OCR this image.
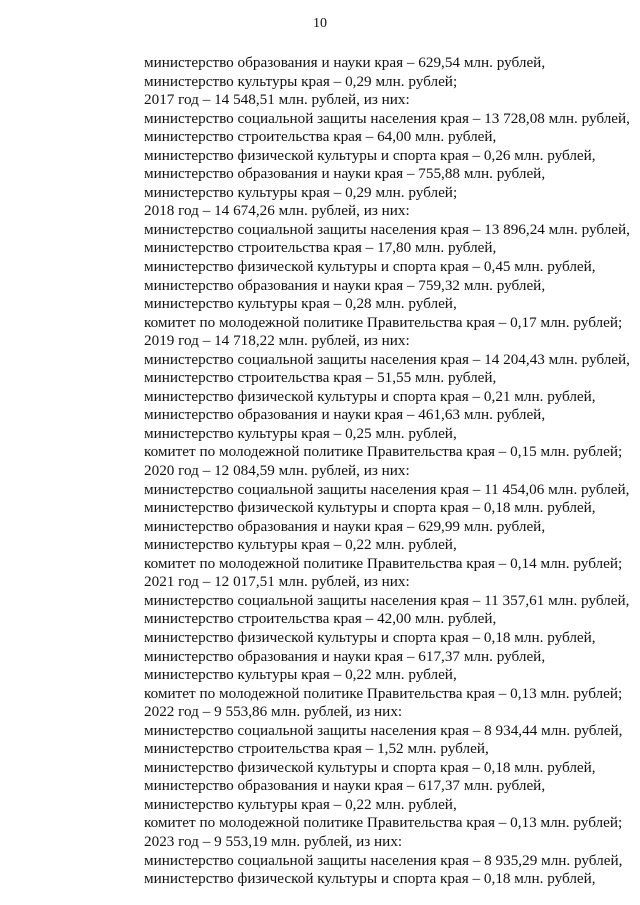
10
министерство образования и науки края – 629,54 млн. рублей,
министерство культуры края – 0,29 млн. рублей;
2017 год – 14 548,51 млн. рублей, из них:
министерство социальной защиты населения края – 13 728,08 млн. рублей,
министерство строительства края – 64,00 млн. рублей,
министерство физической культуры и спорта края – 0,26 млн. рублей,
министерство образования и науки края – 755,88 млн. рублей,
министерство культуры края – 0,29 млн. рублей;
2018 год – 14 674,26 млн. рублей, из них:
министерство социальной защиты населения края – 13 896,24 млн. рублей,
министерство строительства края – 17,80 млн. рублей,
министерство физической культуры и спорта края – 0,45 млн. рублей,
министерство образования и науки края – 759,32 млн. рублей,
министерство культуры края – 0,28 млн. рублей,
комитет по молодежной политике Правительства края – 0,17 млн. рублей;
2019 год – 14 718,22 млн. рублей, из них:
министерство социальной защиты населения края – 14 204,43 млн. рублей,
министерство строительства края – 51,55 млн. рублей,
министерство физической культуры и спорта края – 0,21 млн. рублей,
министерство образования и науки края – 461,63 млн. рублей,
министерство культуры края – 0,25 млн. рублей,
комитет по молодежной политике Правительства края – 0,15 млн. рублей;
2020 год – 12 084,59 млн. рублей, из них:
министерство социальной защиты населения края – 11 454,06 млн. рублей,
министерство физической культуры и спорта края – 0,18 млн. рублей,
министерство образования и науки края – 629,99 млн. рублей,
министерство культуры края – 0,22 млн. рублей,
комитет по молодежной политике Правительства края – 0,14 млн. рублей;
2021 год – 12 017,51 млн. рублей, из них:
министерство социальной защиты населения края – 11 357,61 млн. рублей,
министерство строительства края – 42,00 млн. рублей,
министерство физической культуры и спорта края – 0,18 млн. рублей,
министерство образования и науки края – 617,37 млн. рублей,
министерство культуры края – 0,22 млн. рублей,
комитет по молодежной политике Правительства края – 0,13 млн. рублей;
2022 год – 9 553,86 млн. рублей, из них:
министерство социальной защиты населения края – 8 934,44 млн. рублей,
министерство строительства края – 1,52 млн. рублей,
министерство физической культуры и спорта края – 0,18 млн. рублей,
министерство образования и науки края – 617,37 млн. рублей,
министерство культуры края – 0,22 млн. рублей,
комитет по молодежной политике Правительства края – 0,13 млн. рублей;
2023 год – 9 553,19 млн. рублей, из них:
министерство социальной защиты населения края – 8 935,29 млн. рублей,
министерство физической культуры и спорта края – 0,18 млн. рублей,
